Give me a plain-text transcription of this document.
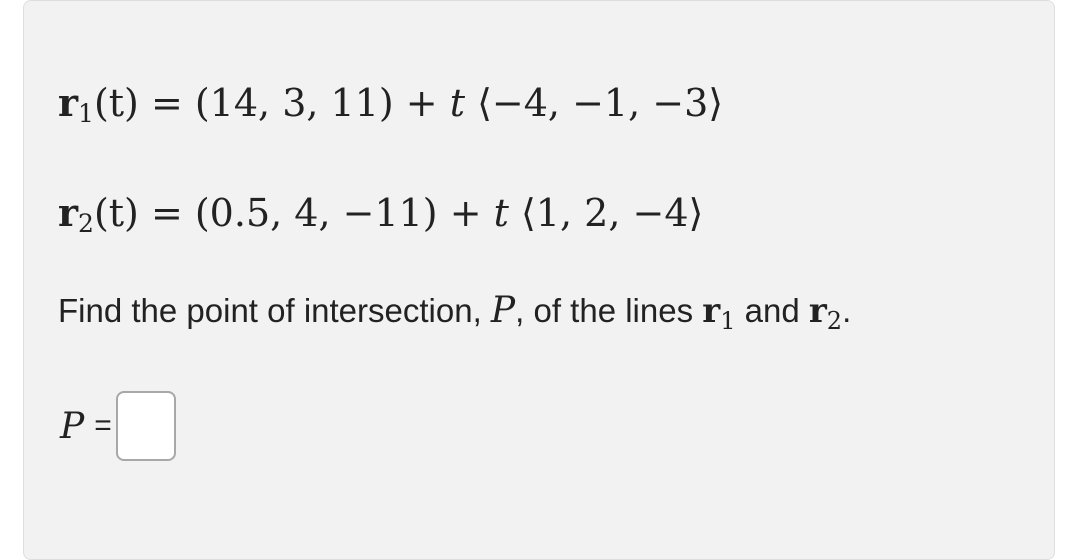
r1(t) = (14, 3, 11) + t ⟨−4, −1, −3⟩
r2(t) = (0.5, 4, −11) + t ⟨1, 2, −4⟩
Find the point of intersection, P, of the lines $r_1$ and $r_2$.
P =
